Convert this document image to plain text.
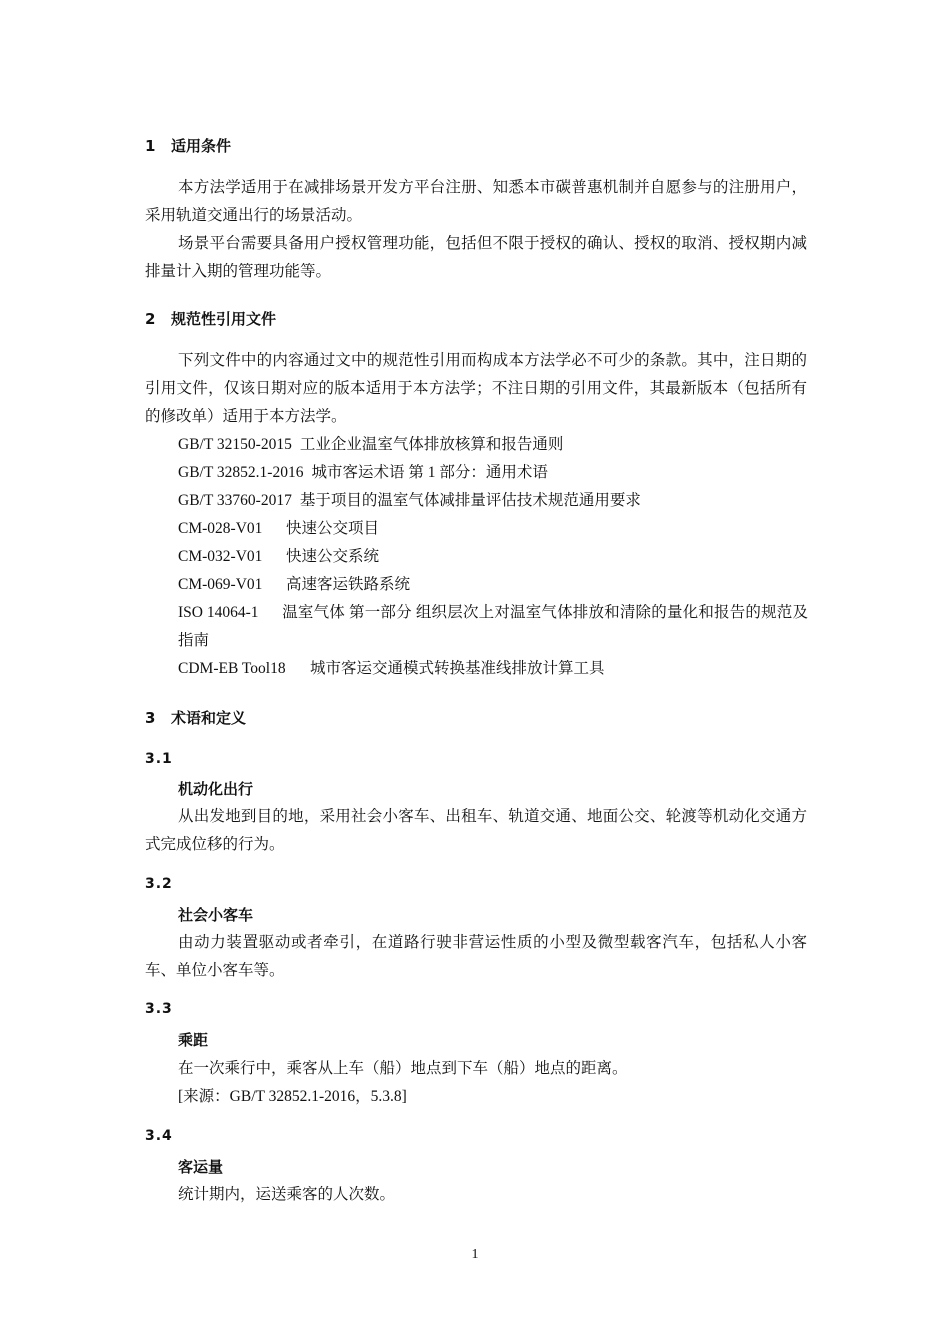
1 适用条件
本方法学适用于在减排场景开发方平台注册、知悉本市碳普惠机制并自愿参与的注册用户，采用轨道交通出行的场景活动。
场景平台需要具备用户授权管理功能，包括但不限于授权的确认、授权的取消、授权期内减排量计入期的管理功能等。
2 规范性引用文件
下列文件中的内容通过文中的规范性引用而构成本方法学必不可少的条款。其中，注日期的引用文件，仅该日期对应的版本适用于本方法学；不注日期的引用文件，其最新版本（包括所有的修改单）适用于本方法学。
GB/T 32150-2015 工业企业温室气体排放核算和报告通则
GB/T 32852.1-2016 城市客运术语 第 1 部分：通用术语
GB/T 33760-2017 基于项目的温室气体减排量评估技术规范通用要求
CM-028-V01 快速公交项目
CM-032-V01 快速公交系统
CM-069-V01 高速客运铁路系统
ISO 14064-1 温室气体 第一部分 组织层次上对温室气体排放和清除的量化和报告的规范及指南
CDM-EB Tool18 城市客运交通模式转换基准线排放计算工具
3 术语和定义
3.1
机动化出行
从出发地到目的地，采用社会小客车、出租车、轨道交通、地面公交、轮渡等机动化交通方式完成位移的行为。
3.2
社会小客车
由动力装置驱动或者牵引，在道路行驶非营运性质的小型及微型载客汽车，包括私人小客车、单位小客车等。
3.3
乘距
在一次乘行中，乘客从上车（船）地点到下车（船）地点的距离。
[来源：GB/T 32852.1-2016，5.3.8]
3.4
客运量
统计期内，运送乘客的人次数。
1
